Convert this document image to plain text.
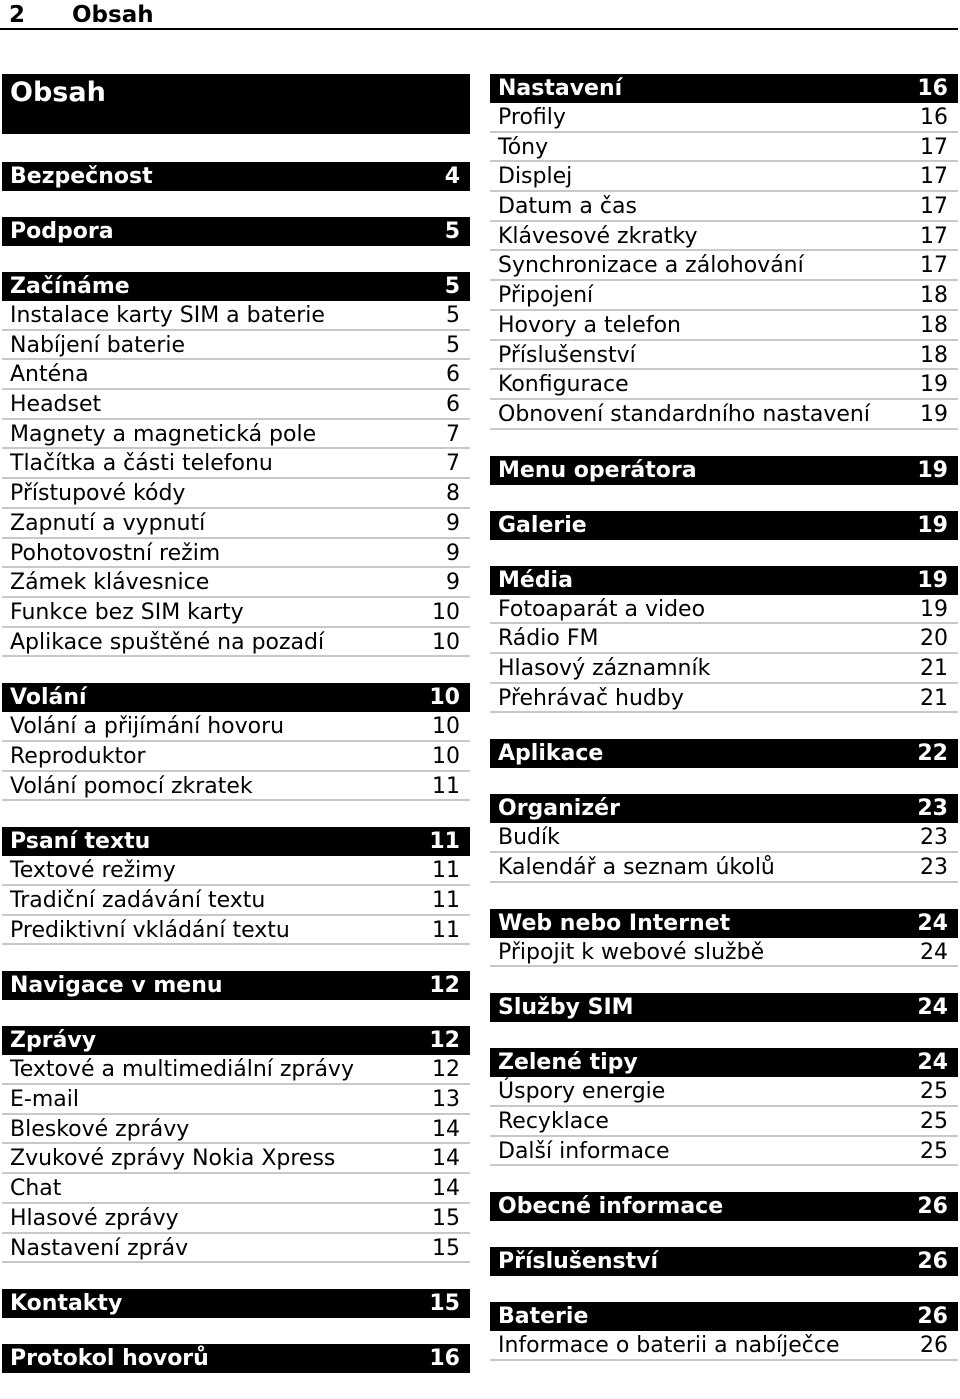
2 Obsah
Obsah
Bezpečnost	4
Podpora	5
Začínáme	5
Instalace karty SIM a baterie	5
Nabíjení baterie	5
Anténa	6
Headset	6
Magnety a magnetická pole	7
Tlačítka a části telefonu	7
Přístupové kódy	8
Zapnutí a vypnutí	9
Pohotovostní režim	9
Zámek klávesnice	9
Funkce bez SIM karty	10
Aplikace spuštěné na pozadí	10
Volání	10
Volání a přijímání hovoru	10
Reproduktor	10
Volání pomocí zkratek	11
Psaní textu	11
Textové režimy	11
Tradiční zadávání textu	11
Prediktivní vkládání textu	11
Navigace v menu	12
Zprávy	12
Textové a multimediální zprávy	12
E-mail	13
Bleskové zprávy	14
Zvukové zprávy Nokia Xpress	14
Chat	14
Hlasové zprávy	15
Nastavení zpráv	15
Kontakty	15
Protokol hovorů	16
Nastavení	16
Profily	16
Tóny	17
Displej	17
Datum a čas	17
Klávesové zkratky	17
Synchronizace a zálohování	17
Připojení	18
Hovory a telefon	18
Příslušenství	18
Konfigurace	19
Obnovení standardního nastavení 19
Menu operátora	19
Galerie	19
Média	19
Fotoaparát a video	19
Rádio FM	20
Hlasový záznamník	21
Přehrávač hudby	21
Aplikace	22
Organizér	23
Budík	23
Kalendář a seznam úkolů	23
Web nebo Internet	24
Připojit k webové službě	24
Služby SIM	24
Zelené tipy	24
Úspory energie	25
Recyklace	25
Další informace	25
Obecné informace	26
Příslušenství	26
Baterie	26
Informace o baterii a nabíječce	26
